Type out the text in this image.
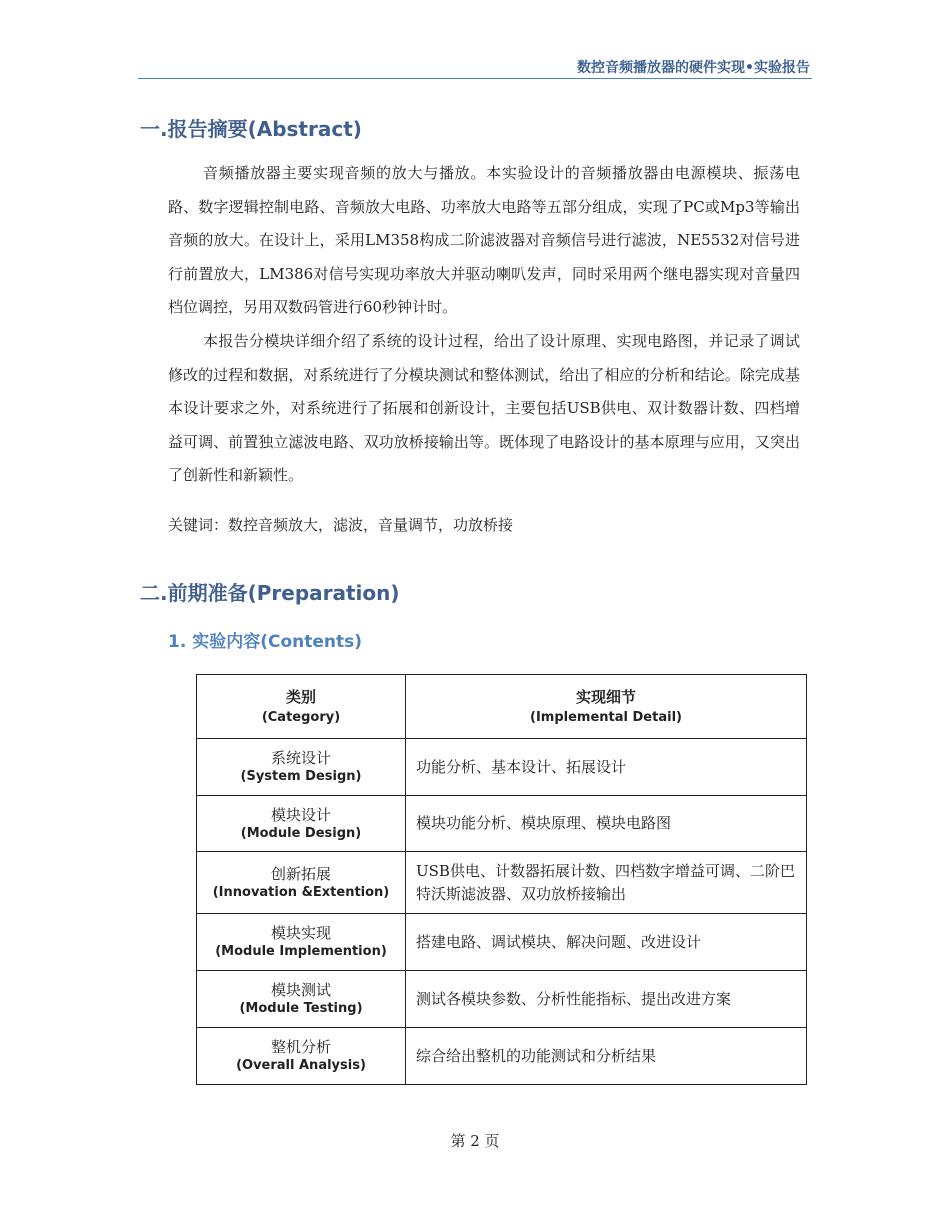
数控音频播放器的硬件实现•实验报告
一.报告摘要(Abstract)

音频播放器主要实现音频的放大与播放。本实验设计的音频播放器由电源模块、振荡电路、数字逻辑控制电路、音频放大电路、功率放大电路等五部分组成，实现了PC或Mp3等输出音频的放大。在设计上，采用LM358构成二阶滤波器对音频信号进行滤波，NE5532对信号进行前置放大，LM386对信号实现功率放大并驱动喇叭发声，同时采用两个继电器实现对音量四档位调控，另用双数码管进行60秒钟计时。

本报告分模块详细介绍了系统的设计过程，给出了设计原理、实现电路图，并记录了调试修改的过程和数据，对系统进行了分模块测试和整体测试，给出了相应的分析和结论。除完成基本设计要求之外，对系统进行了拓展和创新设计，主要包括USB供电、双计数器计数、四档增益可调、前置独立滤波电路、双功放桥接输出等。既体现了电路设计的基本原理与应用，又突出了创新性和新颖性。

关键词：数控音频放大，滤波，音量调节，功放桥接
二.前期准备(Preparation)
1. 实验内容(Contents)
类别
(Category)	实现细节
(Implemental Detail)

系统设计
(System Design)	功能分析、基本设计、拓展设计

模块设计
(Module Design)	模块功能分析、模块原理、模块电路图

创新拓展
(Innovation &Extention)	USB供电、计数器拓展计数、四档数字增益可调、二阶巴特沃斯滤波器、双功放桥接输出

模块实现
(Module Implemention)	搭建电路、调试模块、解决问题、改进设计

模块测试
(Module Testing)	测试各模块参数、分析性能指标、提出改进方案

整机分析
(Overall Analysis)	综合给出整机的功能测试和分析结果
第 2 页
